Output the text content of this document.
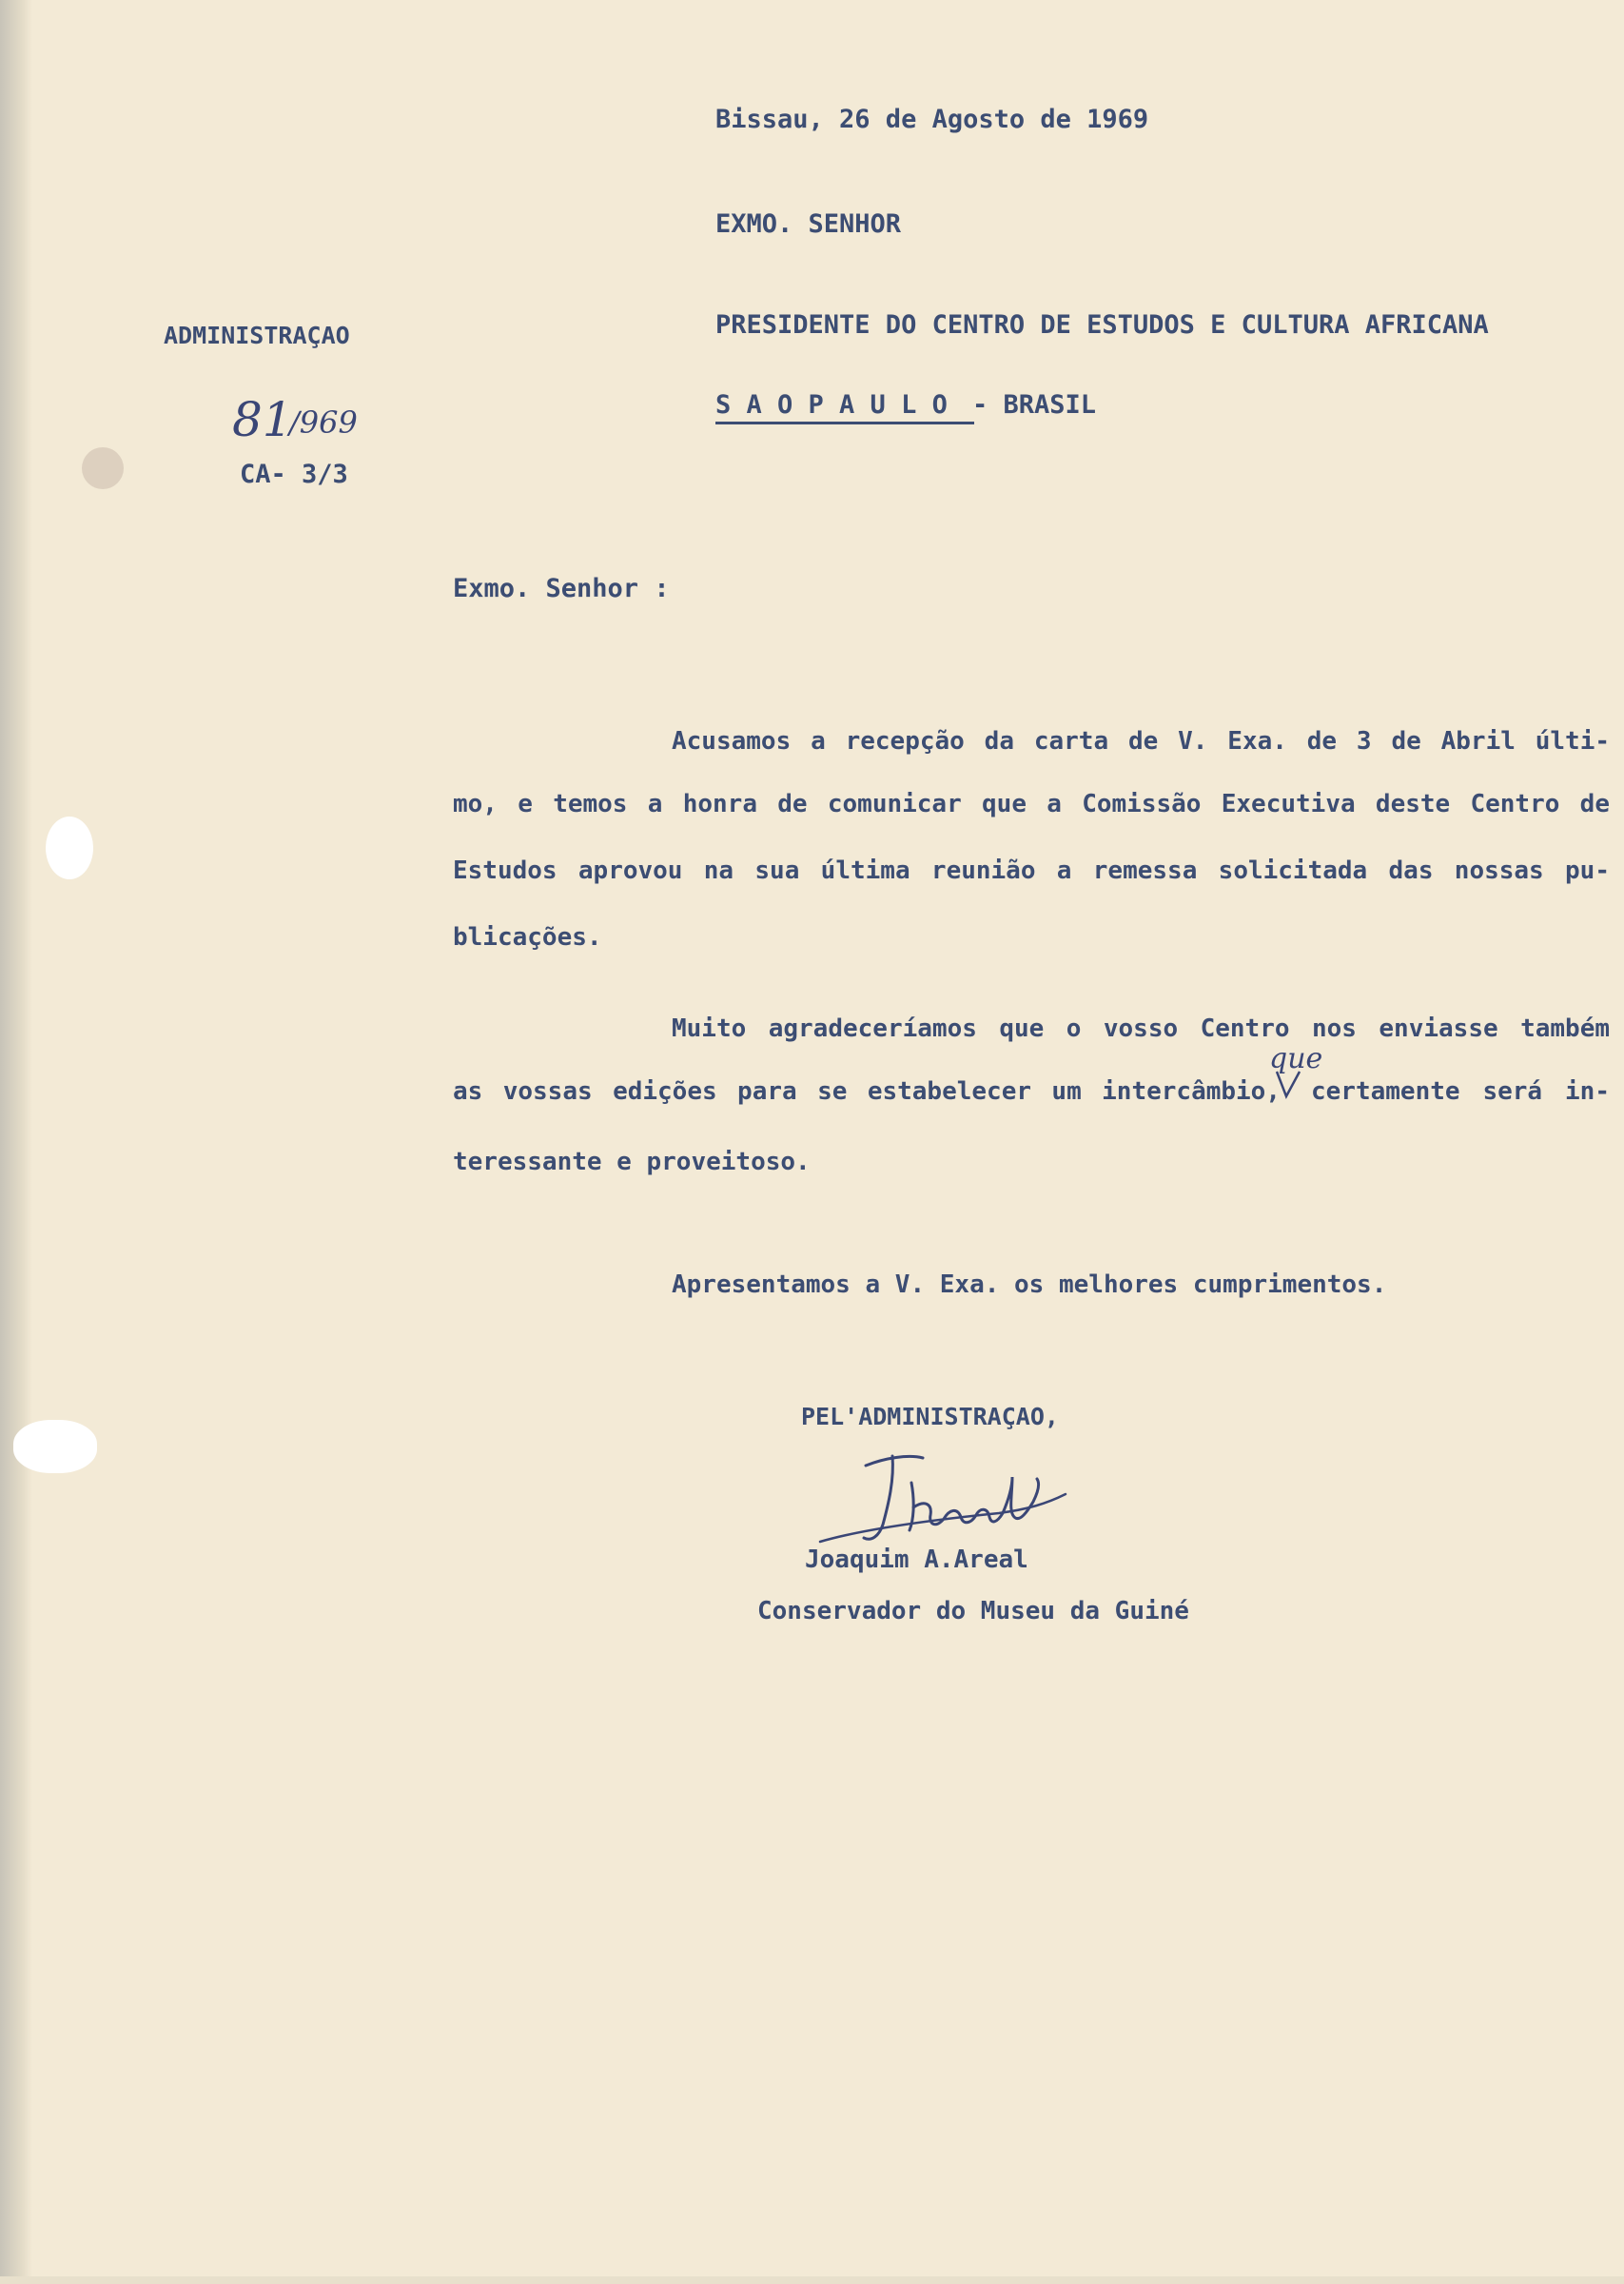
Bissau, 26 de Agosto de 1969
EXMO. SENHOR
PRESIDENTE DO CENTRO DE ESTUDOS E CULTURA AFRICANA
S A O P A U L O - BRASIL
ADMINISTRAÇAO
81
/969
CA- 3/3
Exmo. Senhor :
Acusamos a recepção da carta de V. Exa. de 3 de Abril últi-
mo, e temos a honra de comunicar que a Comissão Executiva deste Centro de
Estudos aprovou na sua última reunião a remessa solicitada das nossas pu-
blicações.
Muito agradeceríamos que o vosso Centro nos enviasse também
as vossas edições para se estabelecer um intercâmbio,
que
certamente será in-
teressante e proveitoso.
Apresentamos a V. Exa. os melhores cumprimentos.
PEL'ADMINISTRAÇAO,
Joaquim A.Areal
Conservador do Museu da Guiné
